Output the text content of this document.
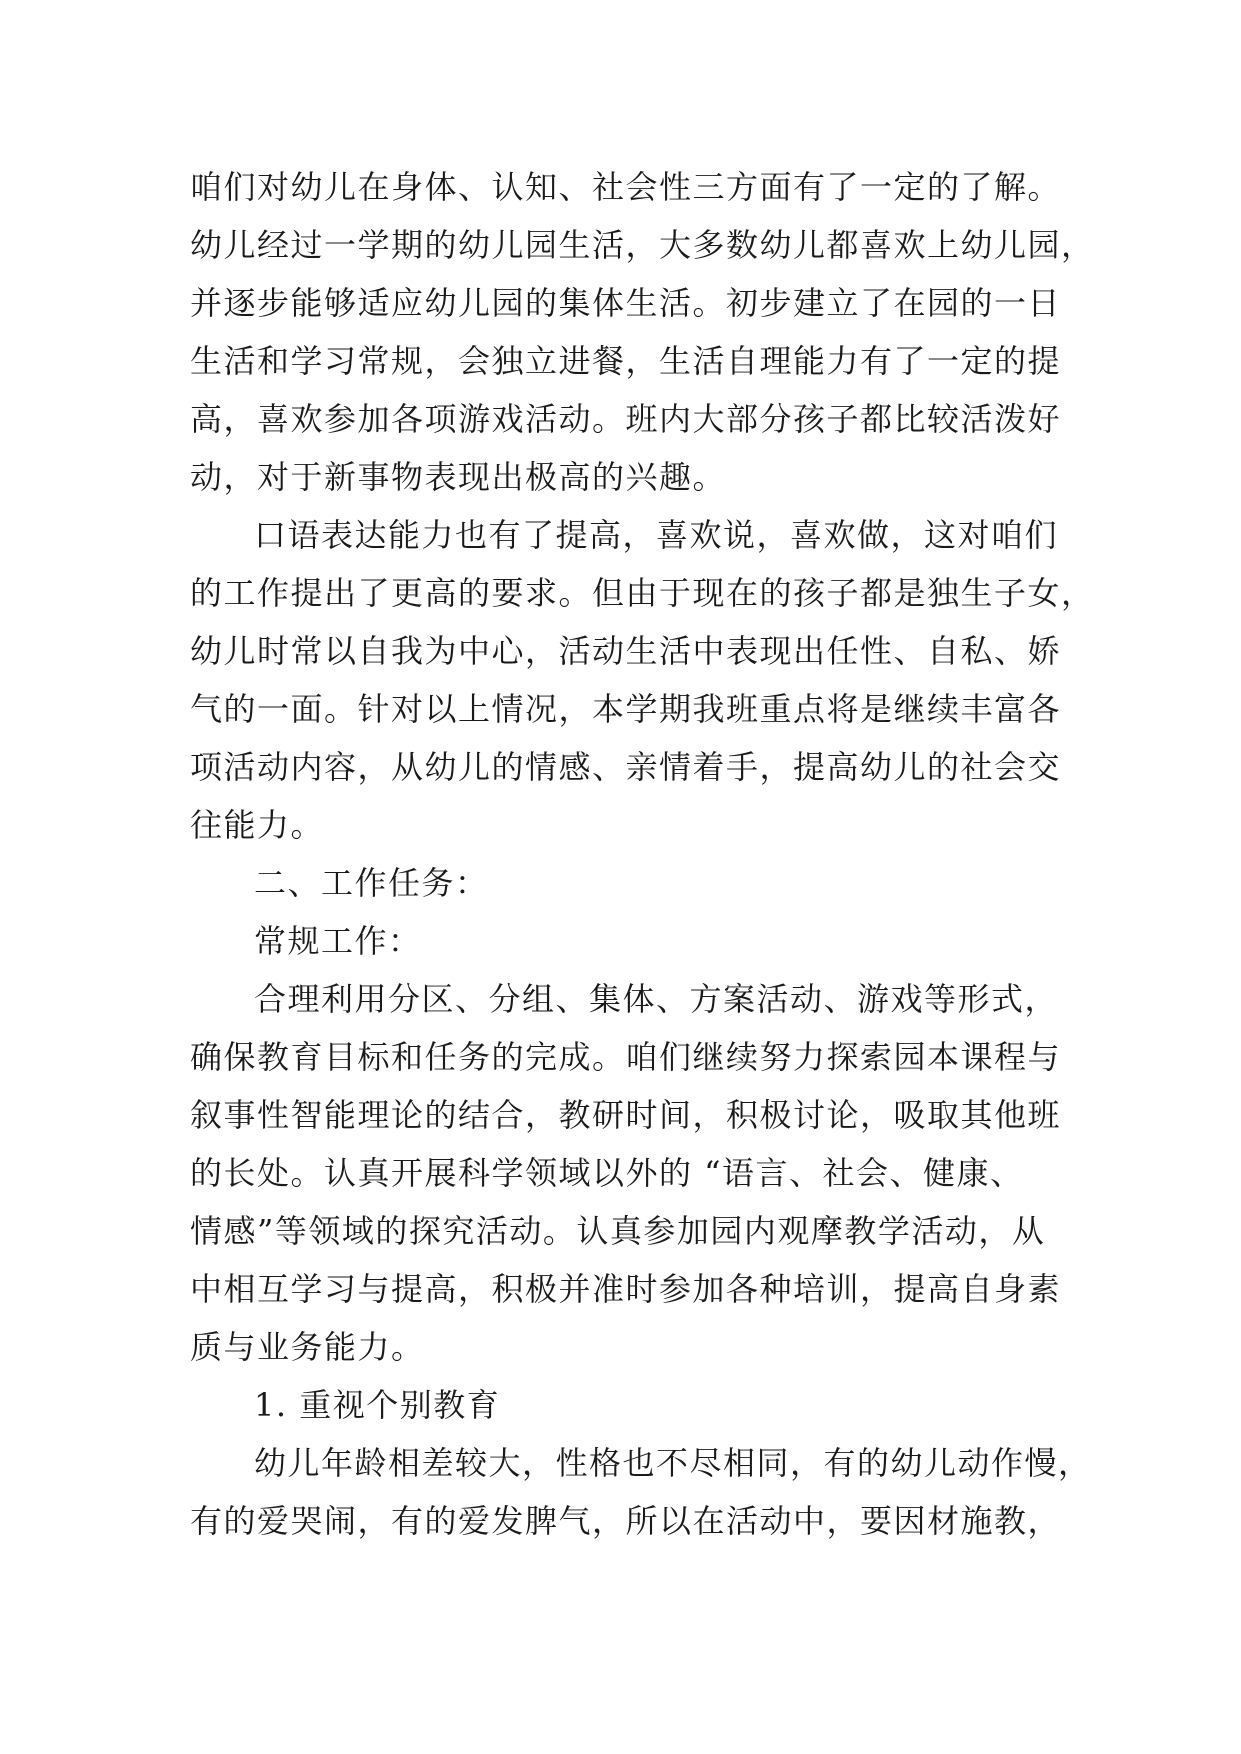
咱们对幼儿在身体、认知、社会性三方面有了一定的了解。
幼儿经过一学期的幼儿园生活，大多数幼儿都喜欢上幼儿园，
并逐步能够适应幼儿园的集体生活。初步建立了在园的一日
生活和学习常规，会独立进餐，生活自理能力有了一定的提
高，喜欢参加各项游戏活动。班内大部分孩子都比较活泼好
动，对于新事物表现出极高的兴趣。
口语表达能力也有了提高，喜欢说，喜欢做，这对咱们
的工作提出了更高的要求。但由于现在的孩子都是独生子女，
幼儿时常以自我为中心，活动生活中表现出任性、自私、娇
气的一面。针对以上情况，本学期我班重点将是继续丰富各
项活动内容，从幼儿的情感、亲情着手，提高幼儿的社会交
往能力。
二、工作任务：
常规工作：
合理利用分区、分组、集体、方案活动、游戏等形式，
确保教育目标和任务的完成。咱们继续努力探索园本课程与
叙事性智能理论的结合，教研时间，积极讨论，吸取其他班
的长处。认真开展科学领域以外的 “语言、社会、健康、
情感”等领域的探究活动。认真参加园内观摩教学活动，从
中相互学习与提高，积极并准时参加各种培训，提高自身素
质与业务能力。
1. 重视个别教育
幼儿年龄相差较大，性格也不尽相同，有的幼儿动作慢，
有的爱哭闹，有的爱发脾气，所以在活动中，要因材施教，
